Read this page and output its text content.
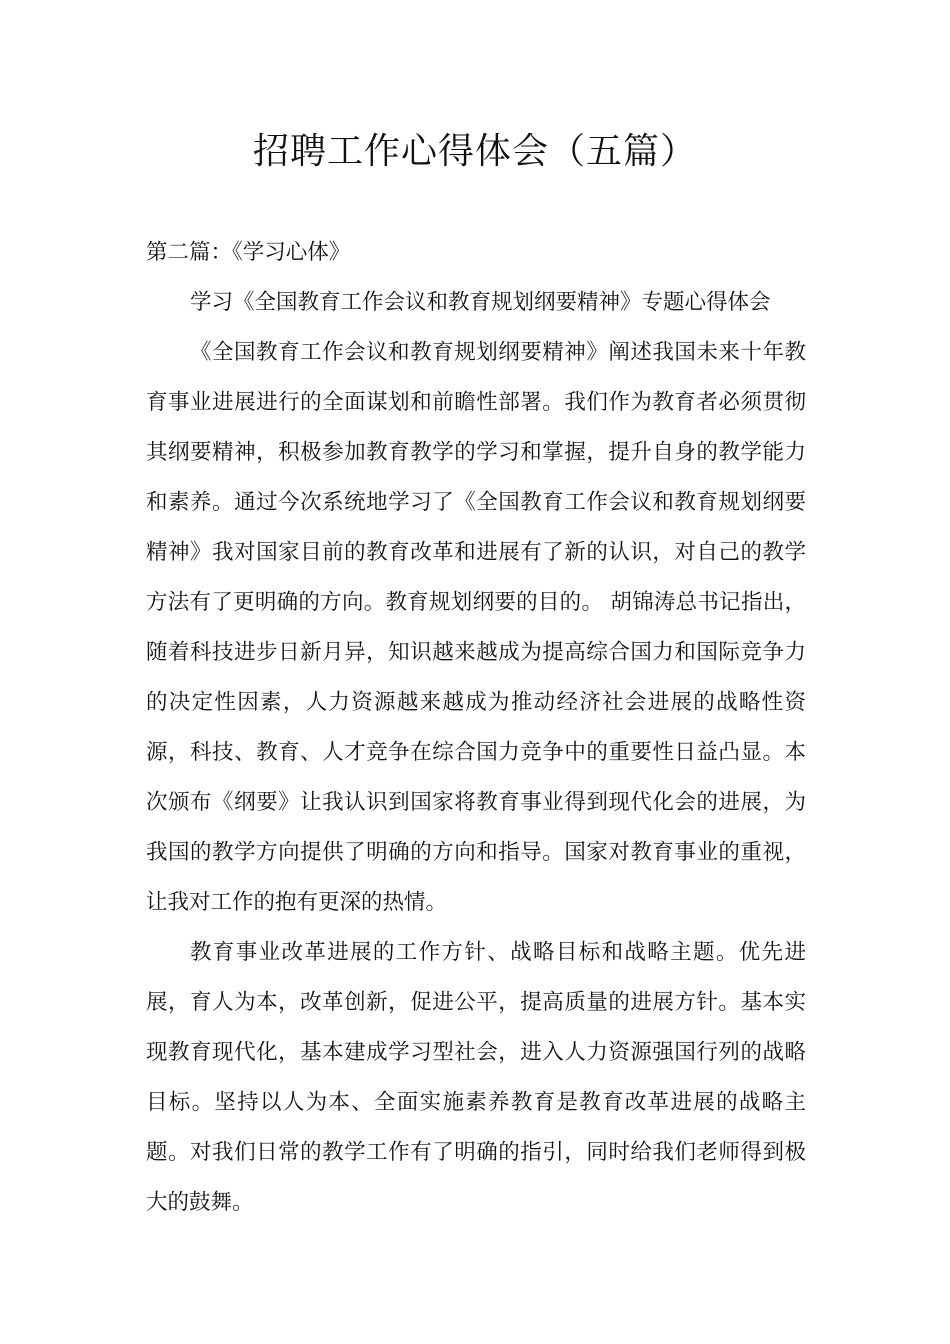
招聘工作心得体会（五篇）

第二篇：《学习心体》

学习《全国教育工作会议和教育规划纲要精神》专题心得体会

《全国教育工作会议和教育规划纲要精神》阐述我国未来十年教育事业进展进行的全面谋划和前瞻性部署。我们作为教育者必须贯彻其纲要精神，积极参加教育教学的学习和掌握，提升自身的教学能力和素养。通过今次系统地学习了《全国教育工作会议和教育规划纲要精神》我对国家目前的教育改革和进展有了新的认识，对自己的教学方法有了更明确的方向。教育规划纲要的目的。 胡锦涛总书记指出，随着科技进步日新月异，知识越来越成为提高综合国力和国际竞争力的决定性因素，人力资源越来越成为推动经济社会进展的战略性资源，科技、教育、人才竞争在综合国力竞争中的重要性日益凸显。本次颁布《纲要》让我认识到国家将教育事业得到现代化会的进展，为我国的教学方向提供了明确的方向和指导。国家对教育事业的重视，让我对工作的抱有更深的热情。

教育事业改革进展的工作方针、战略目标和战略主题。优先进展，育人为本，改革创新，促进公平，提高质量的进展方针。基本实现教育现代化，基本建成学习型社会，进入人力资源强国行列的战略目标。坚持以人为本、全面实施素养教育是教育改革进展的战略主题。对我们日常的教学工作有了明确的指引，同时给我们老师得到极大的鼓舞。
